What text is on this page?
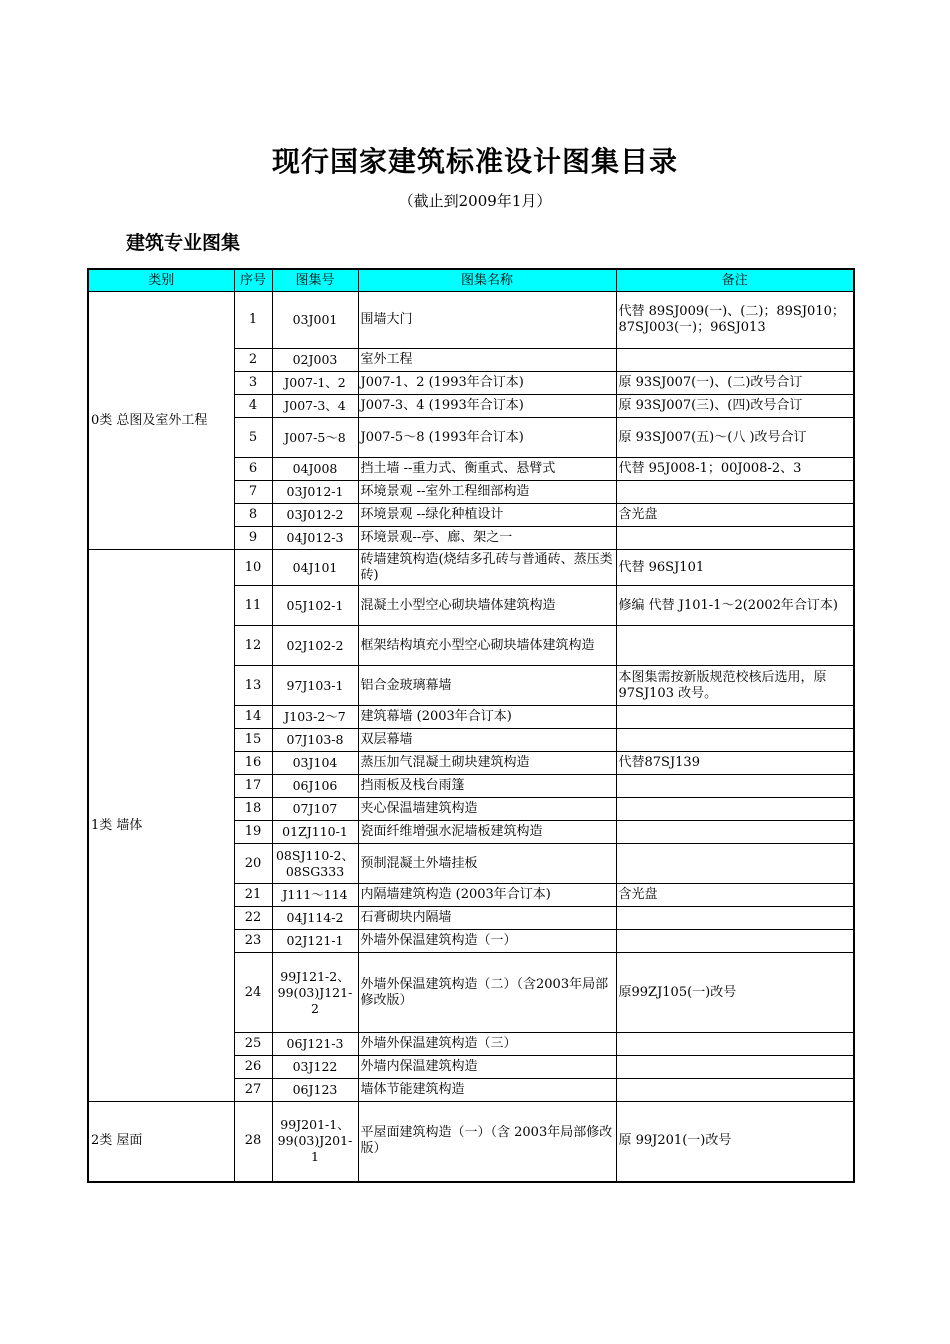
现行国家建筑标准设计图集目录
（截止到2009年1月）
建筑专业图集
类别	序号	图集号	图集名称	备注
0类 总图及室外工程	1	03J001	围墙大门	代替 89SJ009(一)、(二)；89SJ010；87SJ003(一)；96SJ013
	2	02J003	室外工程	
	3	J007-1、2	J007-1、2 (1993年合订本)	原 93SJ007(一)、(二)改号合订
	4	J007-3、4	J007-3、4 (1993年合订本)	原 93SJ007(三)、(四)改号合订
	5	J007-5～8	J007-5～8 (1993年合订本)	原 93SJ007(五)～(八 )改号合订
	6	04J008	挡土墙 --重力式、衡重式、悬臂式	代替 95J008-1；00J008-2、3
	7	03J012-1	环境景观 --室外工程细部构造	
	8	03J012-2	环境景观 --绿化种植设计	含光盘
	9	04J012-3	环境景观--亭、廊、架之一	
1类 墙体	10	04J101	砖墙建筑构造(烧结多孔砖与普通砖、蒸压类砖)	代替 96SJ101
	11	05J102-1	混凝土小型空心砌块墙体建筑构造	修编 代替 J101-1～2(2002年合订本)
	12	02J102-2	框架结构填充小型空心砌块墙体建筑构造	
	13	97J103-1	铝合金玻璃幕墙	本图集需按新版规范校核后选用，原97SJ103 改号。
	14	J103-2～7	建筑幕墙 (2003年合订本)	
	15	07J103-8	双层幕墙	
	16	03J104	蒸压加气混凝土砌块建筑构造	代替87SJ139
	17	06J106	挡雨板及栈台雨篷	
	18	07J107	夹心保温墙建筑构造	
	19	01ZJ110-1	瓷面纤维增强水泥墙板建筑构造	
	20	08SJ110-2、08SG333	预制混凝土外墙挂板	
	21	J111～114	内隔墙建筑构造 (2003年合订本)	含光盘
	22	04J114-2	石膏砌块内隔墙	
	23	02J121-1	外墙外保温建筑构造（一）	
	24	99J121-2、99(03)J121-2	外墙外保温建筑构造（二）（含2003年局部修改版）	原99ZJ105(一)改号
	25	06J121-3	外墙外保温建筑构造（三）	
	26	03J122	外墙内保温建筑构造	
	27	06J123	墙体节能建筑构造	
2类 屋面	28	99J201-1、99(03)J201-1	平屋面建筑构造（一）（含 2003年局部修改版）	原 99J201(一)改号
